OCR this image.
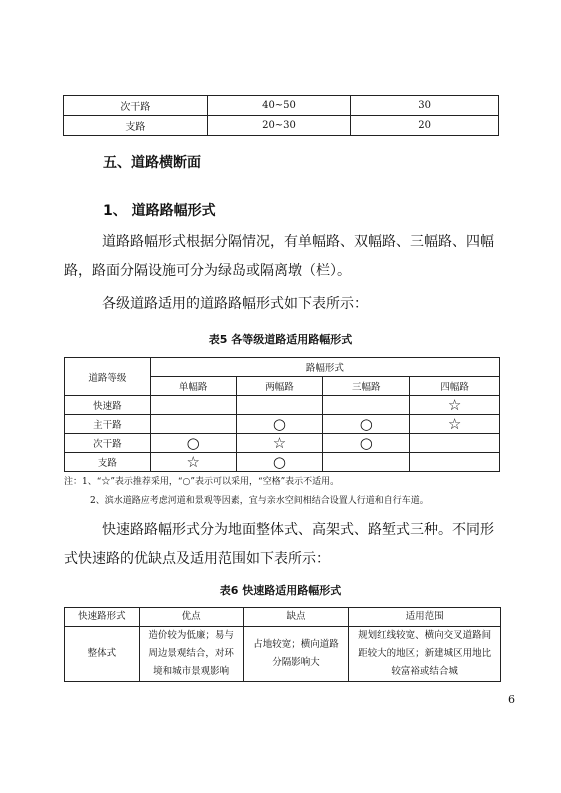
次干路	40~50	30
支路	20~30	20
五、道路横断面
1、 道路路幅形式
道路路幅形式根据分隔情况，有单幅路、双幅路、三幅路、四幅路，路面分隔设施可分为绿岛或隔离墩（栏）。
各级道路适用的道路路幅形式如下表所示：
表5 各等级道路适用路幅形式
道路等级	路幅形式			
	单幅路	两幅路	三幅路	四幅路
快速路				☆
主干路		○	○	☆
次干路	○	☆	○	
支路	☆	○		
注：1、“☆”表示推荐采用，“○”表示可以采用，“空格”表示不适用。
2、滨水道路应考虑河道和景观等因素，宜与亲水空间相结合设置人行道和自行车道。
快速路路幅形式分为地面整体式、高架式、路堑式三种。不同形式快速路的优缺点及适用范围如下表所示：
表6 快速路适用路幅形式
快速路形式	优点	缺点	适用范围
整体式	造价较为低廉；易与周边景观结合，对环境和城市景观影响	占地较宽；横向道路分隔影响大	规划红线较宽、横向交叉道路间距较大的地区；新建城区用地比较富裕或结合城
6
